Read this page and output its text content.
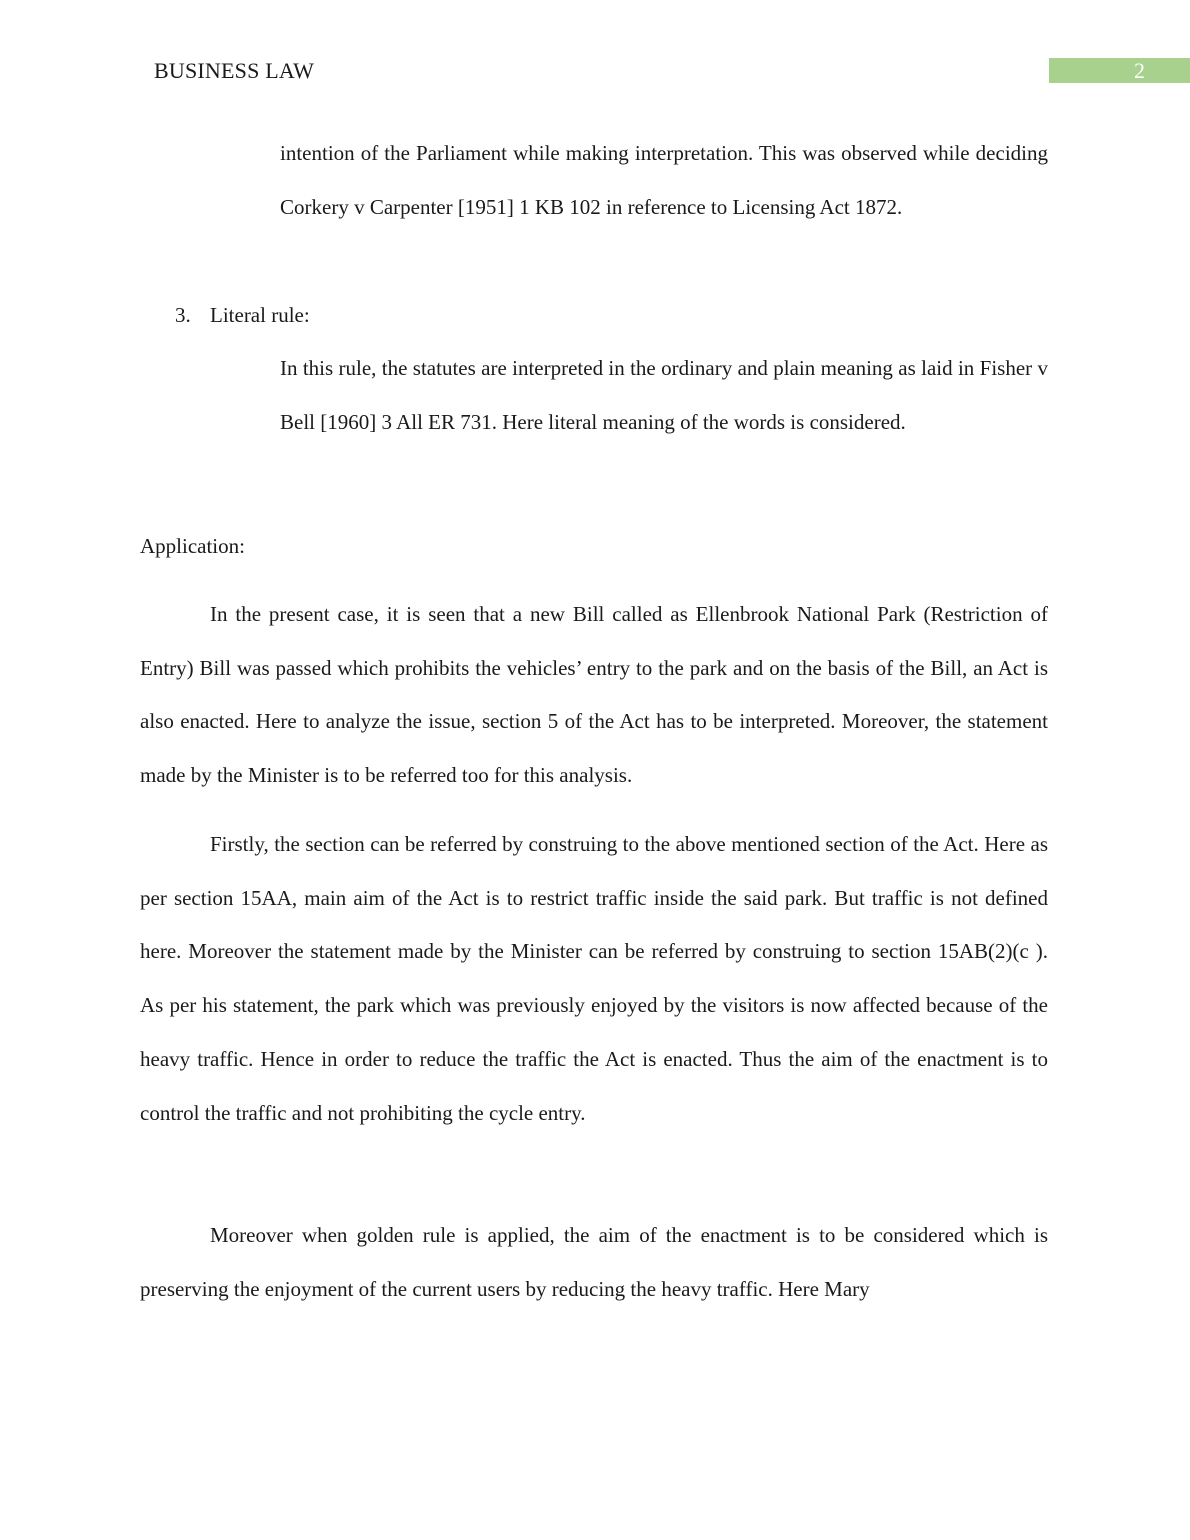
BUSINESS LAW	2

intention of the Parliament while making interpretation. This was observed while deciding Corkery v Carpenter [1951] 1 KB 102 in reference to Licensing Act 1872.

3. Literal rule:

In this rule, the statutes are interpreted in the ordinary and plain meaning as laid in Fisher v Bell [1960] 3 All ER 731. Here literal meaning of the words is considered.

Application:

In the present case, it is seen that a new Bill called as Ellenbrook National Park (Restriction of Entry) Bill was passed which prohibits the vehicles’ entry to the park and on the basis of the Bill, an Act is also enacted. Here to analyze the issue, section 5 of the Act has to be interpreted. Moreover, the statement made by the Minister is to be referred too for this analysis.

Firstly, the section can be referred by construing to the above mentioned section of the Act. Here as per section 15AA, main aim of the Act is to restrict traffic inside the said park. But traffic is not defined here. Moreover the statement made by the Minister can be referred by construing to section 15AB(2)(c ). As per his statement, the park which was previously enjoyed by the visitors is now affected because of the heavy traffic. Hence in order to reduce the traffic the Act is enacted. Thus the aim of the enactment is to control the traffic and not prohibiting the cycle entry.

Moreover when golden rule is applied, the aim of the enactment is to be considered which is preserving the enjoyment of the current users by reducing the heavy traffic. Here Mary
